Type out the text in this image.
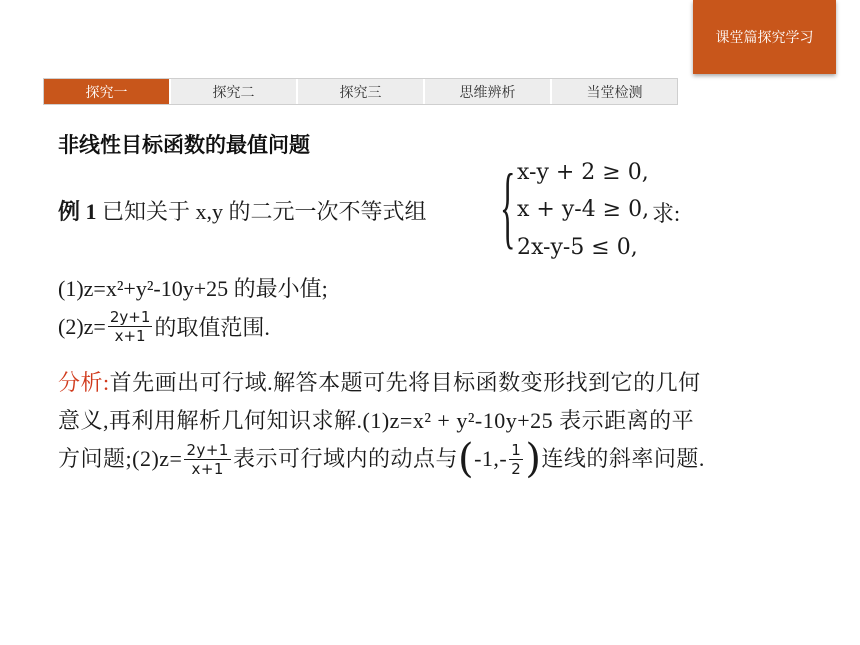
课堂篇探究学习
探究一	探究二	探究三	思维辨析	当堂检测
非线性目标函数的最值问题
例 1 已知关于 x,y 的二元一次不等式组 { x-y + 2 ≥ 0,
x + y-4 ≥ 0,
2x-y-5 ≤ 0,
求:
(1)z=x²+y²-10y+25 的最小值;
$(2)z= \frac{2y+1}{x+1}$ 的取值范围.
分析: 首先画出可行域.解答本题可先将目标函数变形找到它的几何
意义,再利用解析几何知识求解.(1)z=x² + y²-10y+25 表示距离的平
方问题;(2)z= $\frac{2y+1}{x+1}$ 表示可行域内的动点与 ( $-1,- \frac{1}{2}$ ) 连线的斜率问题.
